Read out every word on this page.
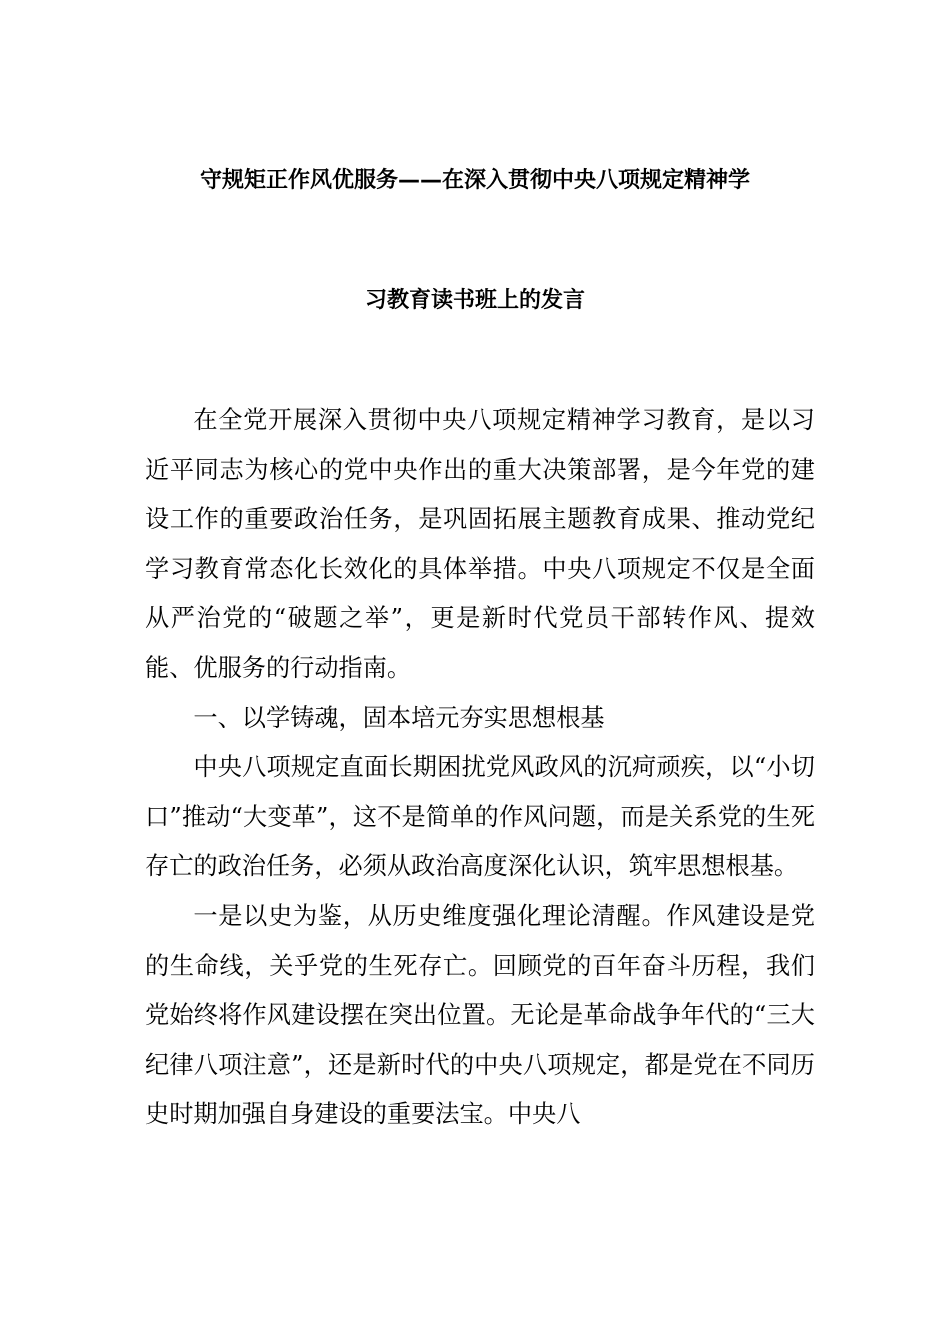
守规矩正作风优服务——在深入贯彻中央八项规定精神学
习教育读书班上的发言

在全党开展深入贯彻中央八项规定精神学习教育，是以习近平同志为核心的党中央作出的重大决策部署，是今年党的建设工作的重要政治任务，是巩固拓展主题教育成果、推动党纪学习教育常态化长效化的具体举措。中央八项规定不仅是全面从严治党的“破题之举”，更是新时代党员干部转作风、提效能、优服务的行动指南。

一、以学铸魂，固本培元夯实思想根基

中央八项规定直面长期困扰党风政风的沉疴顽疾，以“小切口”推动“大变革”，这不是简单的作风问题，而是关系党的生死存亡的政治任务，必须从政治高度深化认识，筑牢思想根基。

一是以史为鉴，从历史维度强化理论清醒。作风建设是党的生命线，关乎党的生死存亡。回顾党的百年奋斗历程，我们党始终将作风建设摆在突出位置。无论是革命战争年代的“三大纪律八项注意”，还是新时代的中央八项规定，都是党在不同历史时期加强自身建设的重要法宝。中央八
